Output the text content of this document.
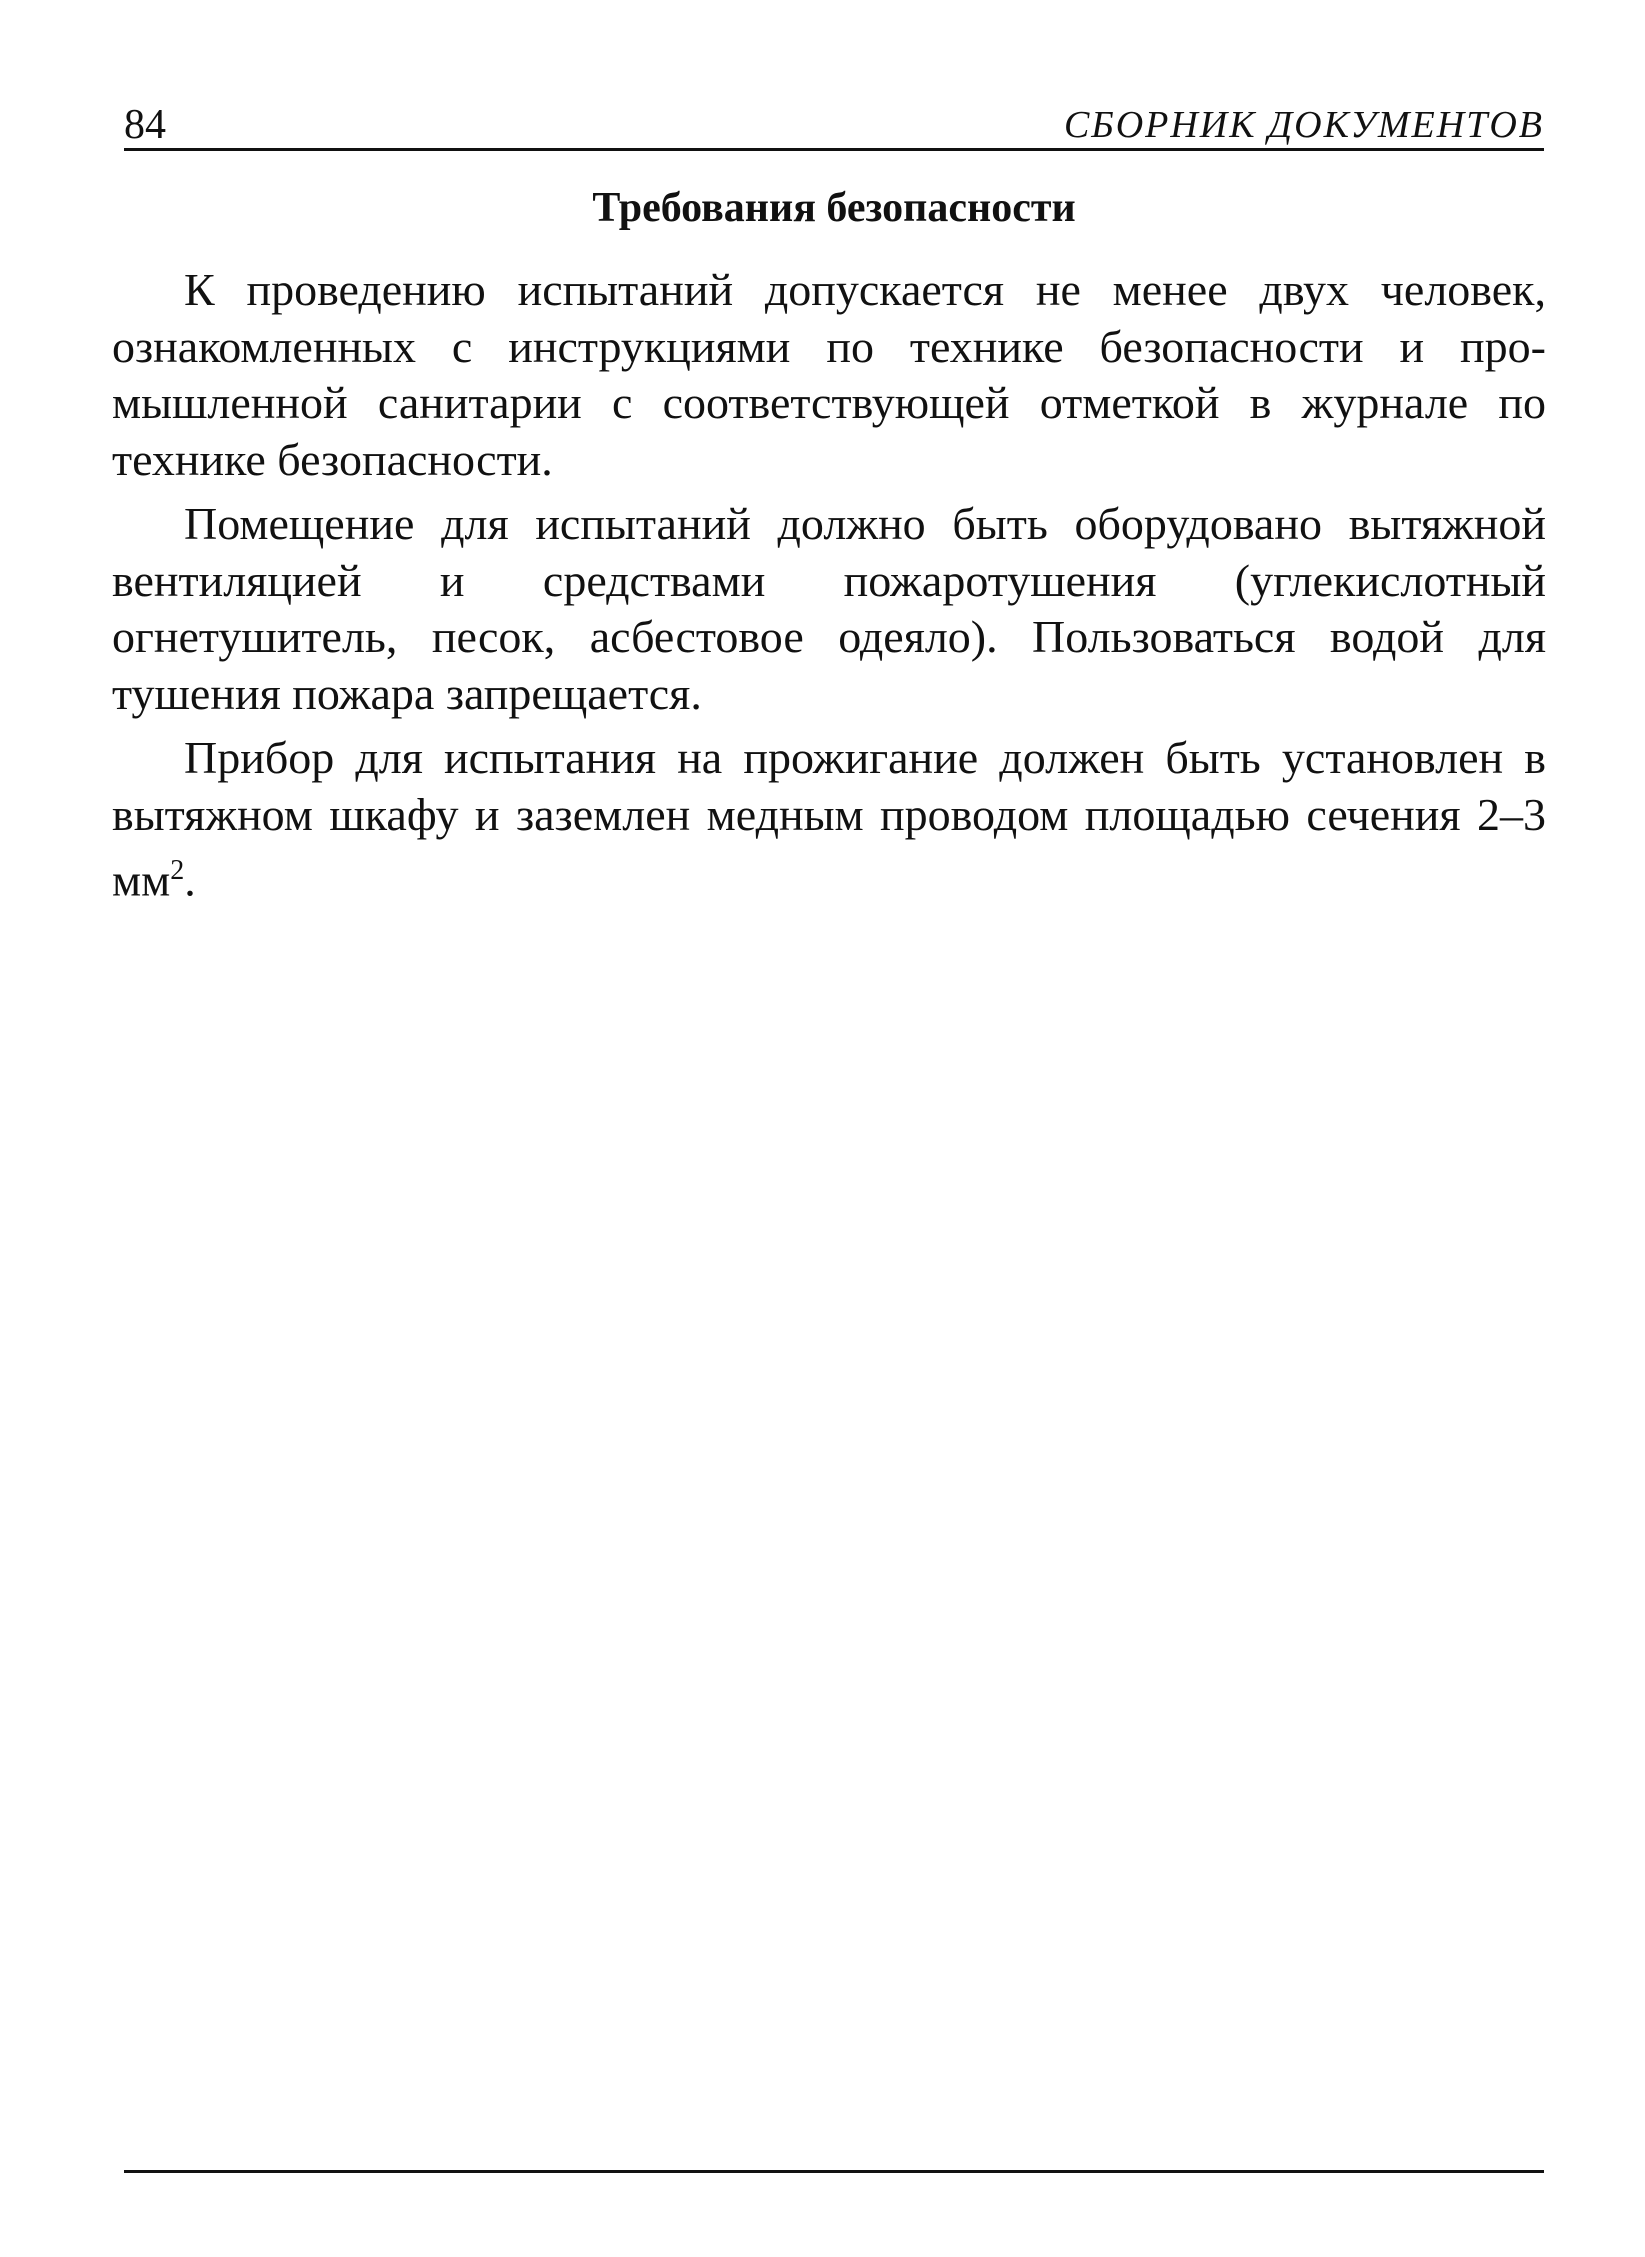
84	СБОРНИК ДОКУМЕНТОВ
Требования безопасности

К проведению испытаний допускается не менее двух человек, ознакомленных с инструкциями по технике безопасности и промышленной санитарии с соответствующей отметкой в журнале по технике безопасности.

Помещение для испытаний должно быть оборудовано вытяжной вентиляцией и средствами пожаротушения (углекислотный огнетушитель, песок, асбестовое одеяло). Пользоваться водой для тушения пожара запрещается.

Прибор для испытания на прожигание должен быть установлен в вытяжном шкафу и заземлен медным проводом площадью сечения 2–3 $мм^2$.
